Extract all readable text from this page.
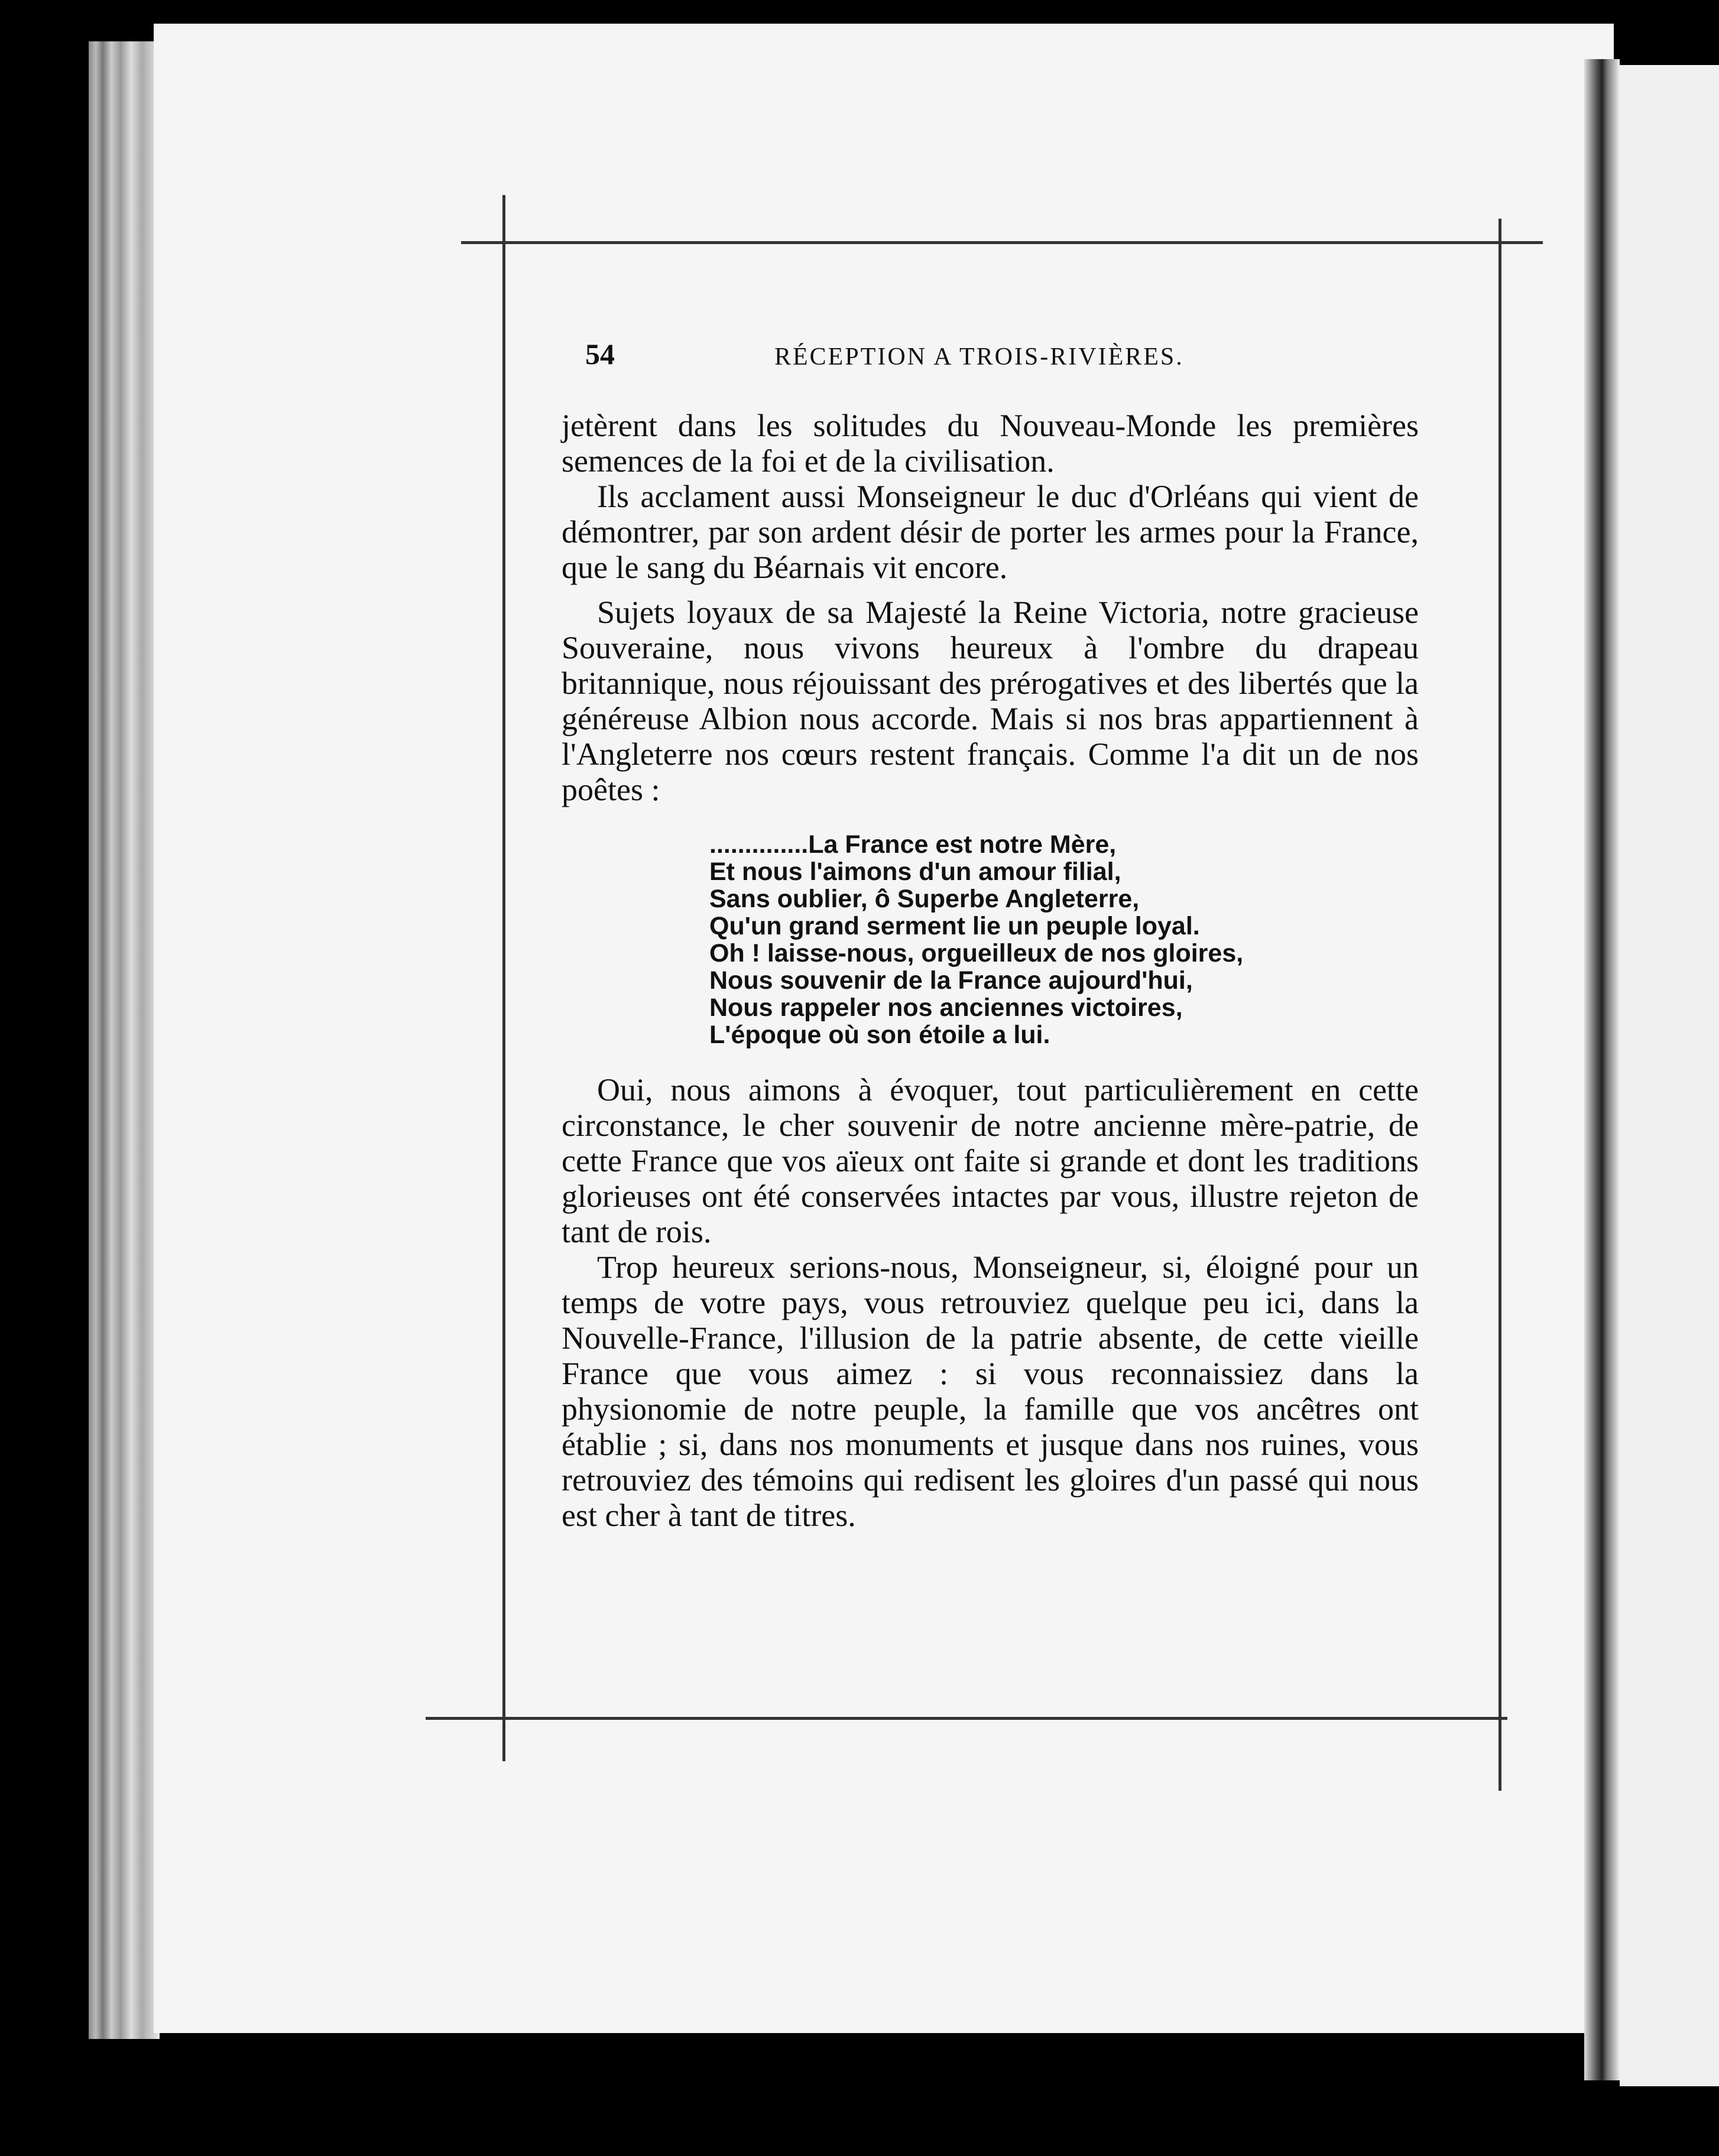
54	RÉCEPTION A TROIS-RIVIÈRES.

jetèrent dans les solitudes du Nouveau-Monde les premières semences de la foi et de la civilisation.

Ils acclament aussi Monseigneur le duc d'Orléans qui vient de démontrer, par son ardent désir de porter les armes pour la France, que le sang du Béarnais vit encore.

Sujets loyaux de sa Majesté la Reine Victoria, notre gracieuse Souveraine, nous vivons heureux à l'ombre du drapeau britannique, nous réjouissant des prérogatives et des libertés que la généreuse Albion nous accorde. Mais si nos bras appartiennent à l'Angleterre nos cœurs restent français. Comme l'a dit un de nos poêtes :

..............La France est notre Mère,
Et nous l'aimons d'un amour filial,
Sans oublier, ô Superbe Angleterre,
Qu'un grand serment lie un peuple loyal.
Oh ! laisse-nous, orgueilleux de nos gloires,
Nous souvenir de la France aujourd'hui,
Nous rappeler nos anciennes victoires,
L'époque où son étoile a lui.

Oui, nous aimons à évoquer, tout particulièrement en cette circonstance, le cher souvenir de notre ancienne mère-patrie, de cette France que vos aïeux ont faite si grande et dont les traditions glorieuses ont été conservées intactes par vous, illustre rejeton de tant de rois.

Trop heureux serions-nous, Monseigneur, si, éloigné pour un temps de votre pays, vous retrouviez quelque peu ici, dans la Nouvelle-France, l'illusion de la patrie absente, de cette vieille France que vous aimez : si vous reconnaissiez dans la physionomie de notre peuple, la famille que vos ancêtres ont établie ; si, dans nos monuments et jusque dans nos ruines, vous retrouviez des témoins qui redisent les gloires d'un passé qui nous est cher à tant de titres.
